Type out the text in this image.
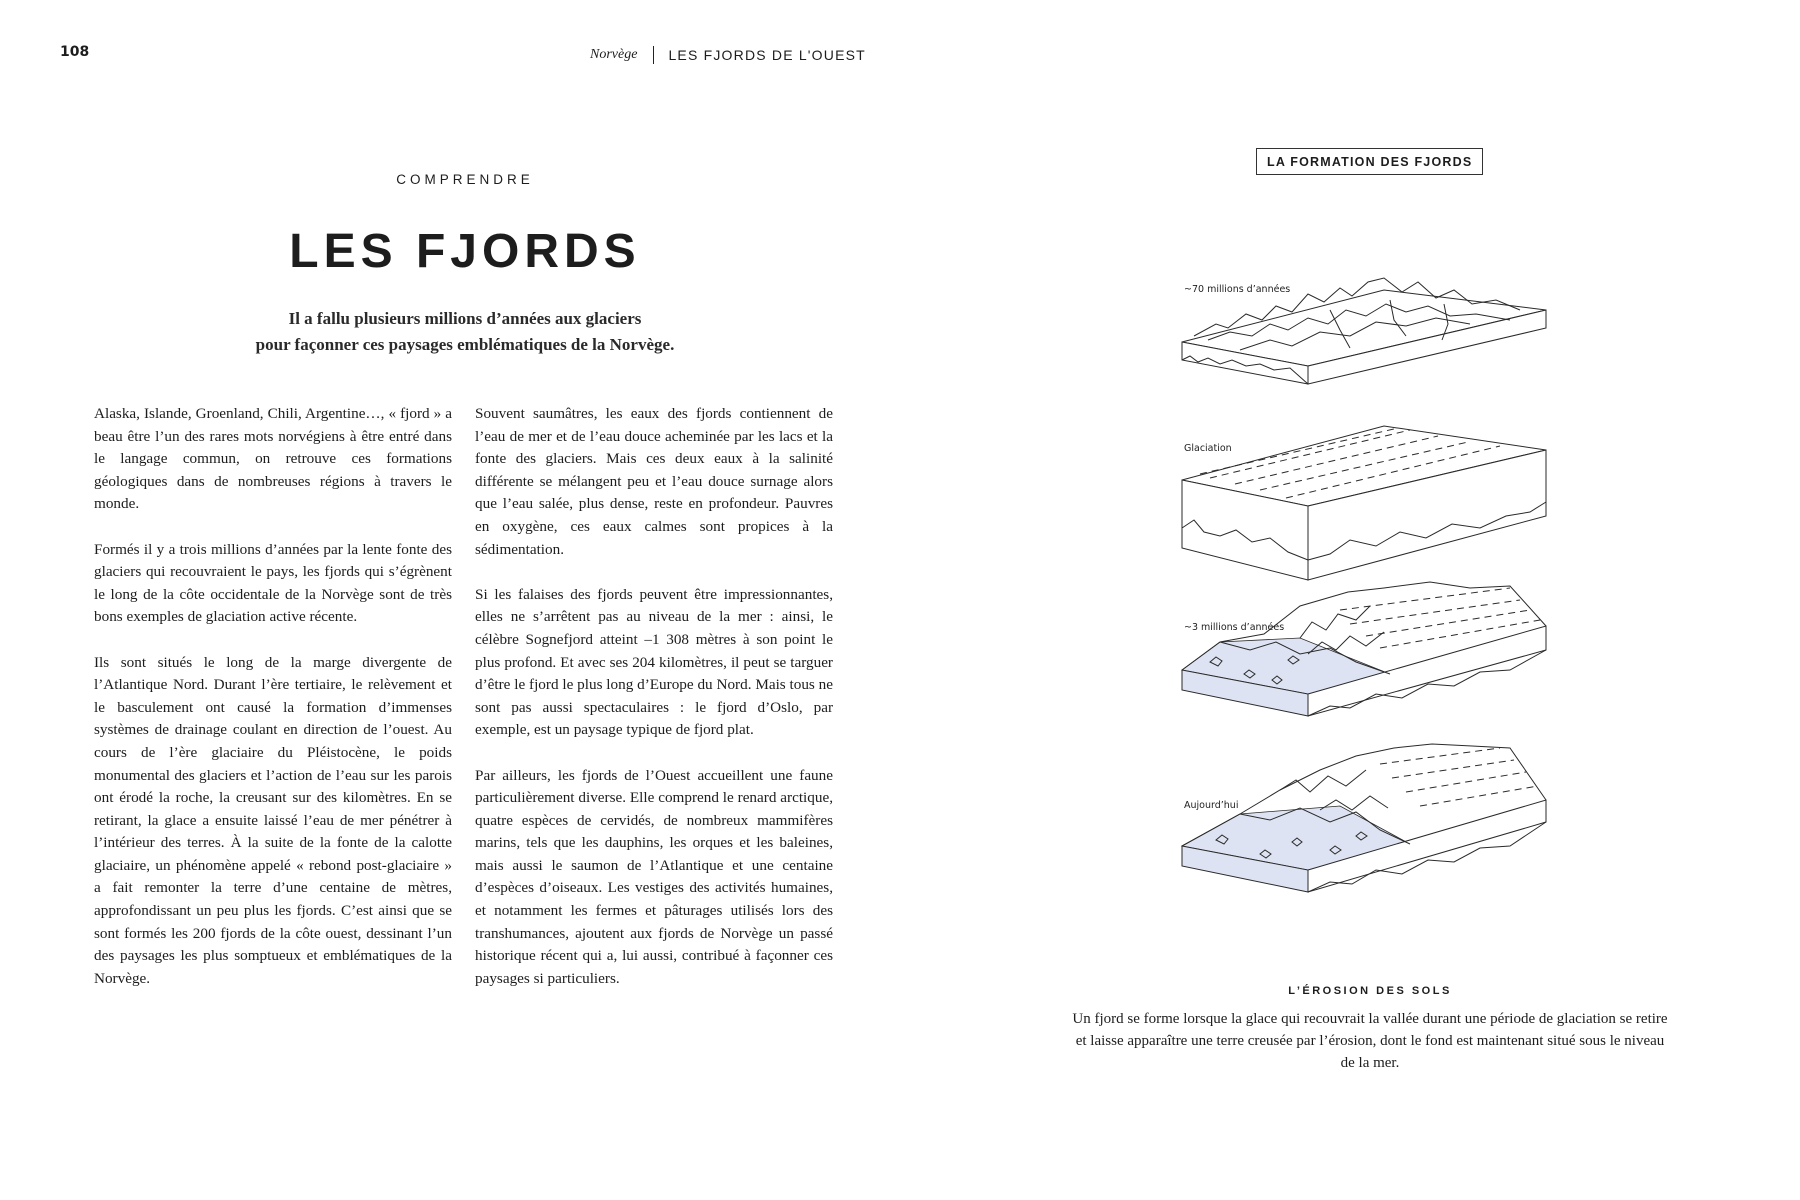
108	Norvège LES FJORDS DE L'OUEST
COMPRENDRE
LES FJORDS
Il a fallu plusieurs millions d’années aux glaciers
pour façonner ces paysages emblématiques de la Norvège.

Alaska, Islande, Groenland, Chili, Argentine…, « fjord » a beau être l’un des rares mots norvégiens à être entré dans le langage commun, on retrouve ces formations géologiques dans de nombreuses régions à travers le monde.

Formés il y a trois millions d’années par la lente fonte des glaciers qui recouvraient le pays, les fjords qui s’égrènent le long de la côte occidentale de la Norvège sont de très bons exemples de glaciation active récente.

Ils sont situés le long de la marge divergente de l’Atlantique Nord. Durant l’ère tertiaire, le relèvement et le basculement ont causé la formation d’immenses systèmes de drainage coulant en direction de l’ouest. Au cours de l’ère glaciaire du Pléistocène, le poids monumental des glaciers et l’action de l’eau sur les parois ont érodé la roche, la creusant sur des kilomètres. En se retirant, la glace a ensuite laissé l’eau de mer pénétrer à l’intérieur des terres. À la suite de la fonte de la calotte glaciaire, un phénomène appelé « rebond post-glaciaire » a fait remonter la terre d’une centaine de mètres, approfondissant un peu plus les fjords. C’est ainsi que se sont formés les 200 fjords de la côte ouest, dessinant l’un des paysages les plus somptueux et emblématiques de la Norvège.

Souvent saumâtres, les eaux des fjords contiennent de l’eau de mer et de l’eau douce acheminée par les lacs et la fonte des glaciers. Mais ces deux eaux à la salinité différente se mélangent peu et l’eau douce surnage alors que l’eau salée, plus dense, reste en profondeur. Pauvres en oxygène, ces eaux calmes sont propices à la sédimentation.

Si les falaises des fjords peuvent être impressionnantes, elles ne s’arrêtent pas au niveau de la mer : ainsi, le célèbre Sognefjord atteint –1 308 mètres à son point le plus profond. Et avec ses 204 kilomètres, il peut se targuer d’être le fjord le plus long d’Europe du Nord. Mais tous ne sont pas aussi spectaculaires : le fjord d’Oslo, par exemple, est un paysage typique de fjord plat.

Par ailleurs, les fjords de l’Ouest accueillent une faune particulièrement diverse. Elle comprend le renard arctique, quatre espèces de cervidés, de nombreux mammifères marins, tels que les dauphins, les orques et les baleines, mais aussi le saumon de l’Atlantique et une centaine d’espèces d’oiseaux. Les vestiges des activités humaines, et notamment les fermes et pâturages utilisés lors des transhumances, ajoutent aux fjords de Norvège un passé historique récent qui a, lui aussi, contribué à façonner ces paysages si particuliers.

LA FORMATION DES FJORDS
~70 millions d’années
Glaciation
~3 millions d’années
Aujourd’hui
L’ÉROSION DES SOLS
Un fjord se forme lorsque la glace qui recouvrait la vallée durant une période de glaciation se retire et laisse apparaître une terre creusée par l’érosion, dont le fond est maintenant situé sous le niveau de la mer.
